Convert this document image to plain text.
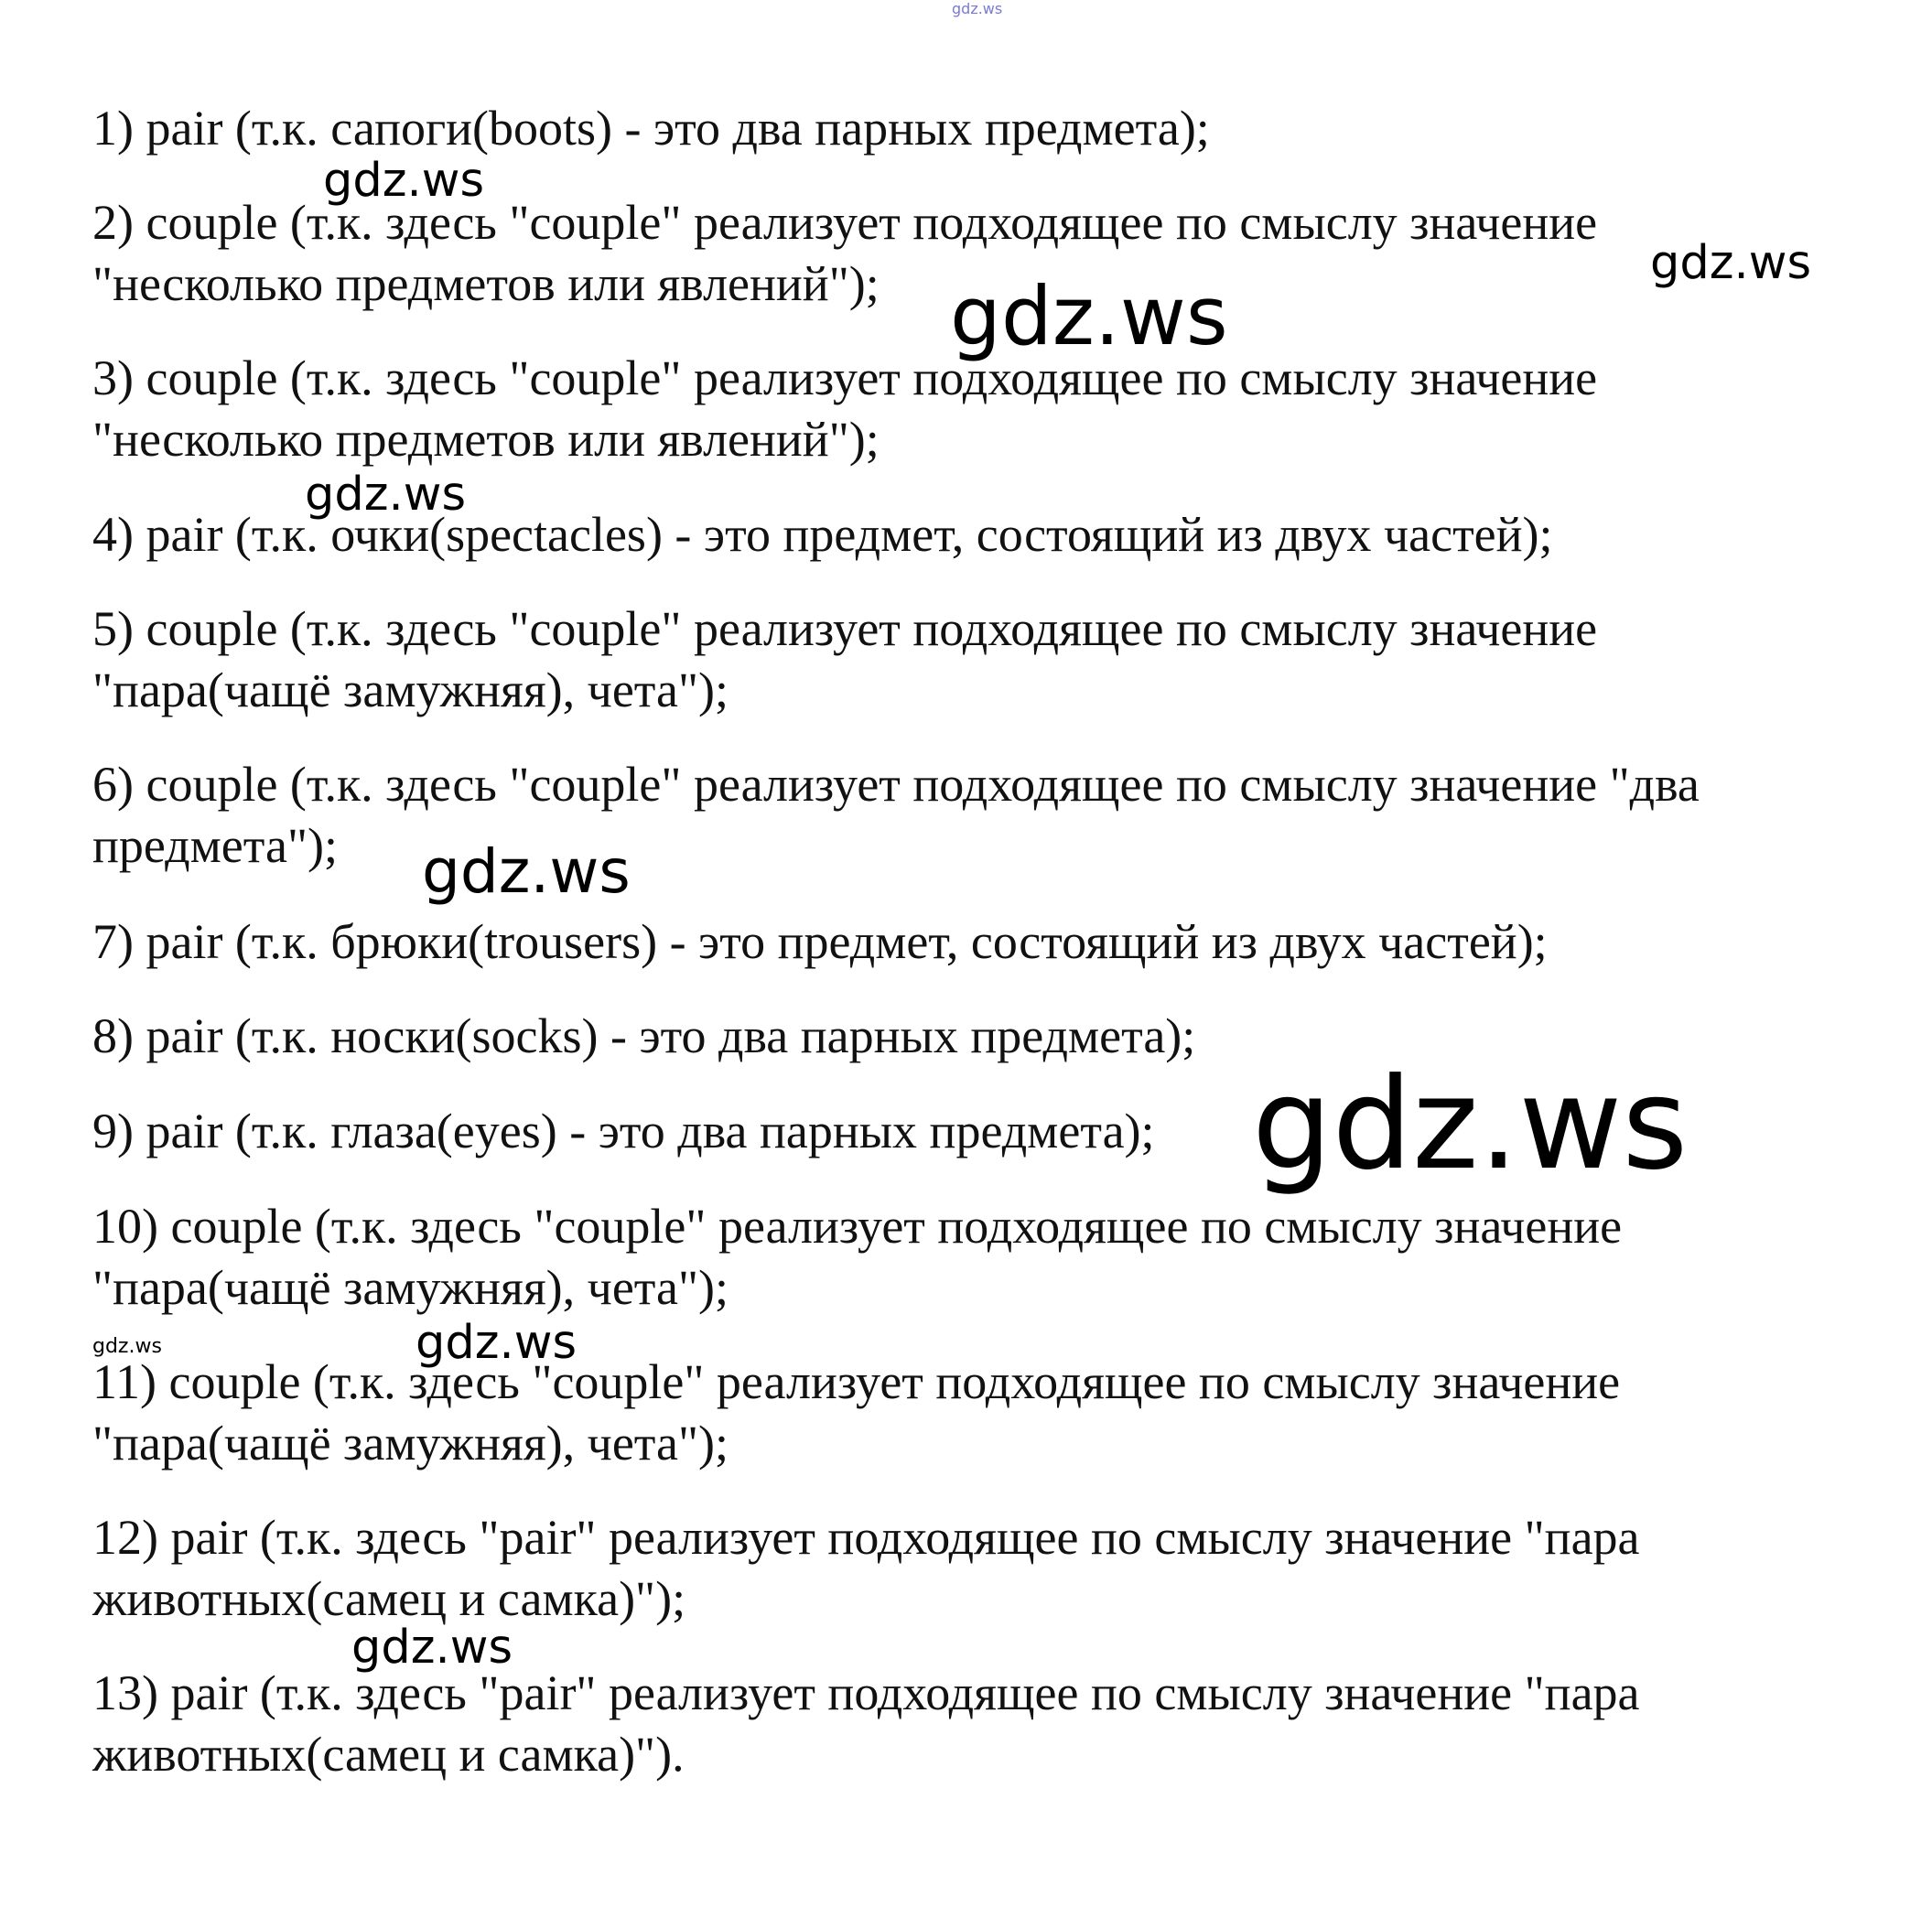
1) pair (т.к. сапоги(boots) - это два парных предмета);
2) couple (т.к. здесь "couple" реализует подходящее по смыслу значение
"несколько предметов или явлений");
3) couple (т.к. здесь "couple" реализует подходящее по смыслу значение
"несколько предметов или явлений");
4) pair (т.к. очки(spectacles) - это предмет, состоящий из двух частей);
5) couple (т.к. здесь "couple" реализует подходящее по смыслу значение
"пара(чащё замужняя), чета");
6) couple (т.к. здесь "couple" реализует подходящее по смыслу значение "два
предмета");
7) pair (т.к. брюки(trousers) - это предмет, состоящий из двух частей);
8) pair (т.к. носки(socks) - это два парных предмета);
9) pair (т.к. глаза(eyes) - это два парных предмета);
10) couple (т.к. здесь "couple" реализует подходящее по смыслу значение
"пара(чащё замужняя), чета");
11) couple (т.к. здесь "couple" реализует подходящее по смыслу значение
"пара(чащё замужняя), чета");
12) pair (т.к. здесь "pair" реализует подходящее по смыслу значение "пара
животных(самец и самка)");
13) pair (т.к. здесь "pair" реализует подходящее по смыслу значение "пара
животных(самец и самка)").
gdz.ws
gdz.ws
gdz.ws
gdz.ws
gdz.ws
gdz.ws
gdz.ws
gdz.ws	gdz.ws
gdz.ws
